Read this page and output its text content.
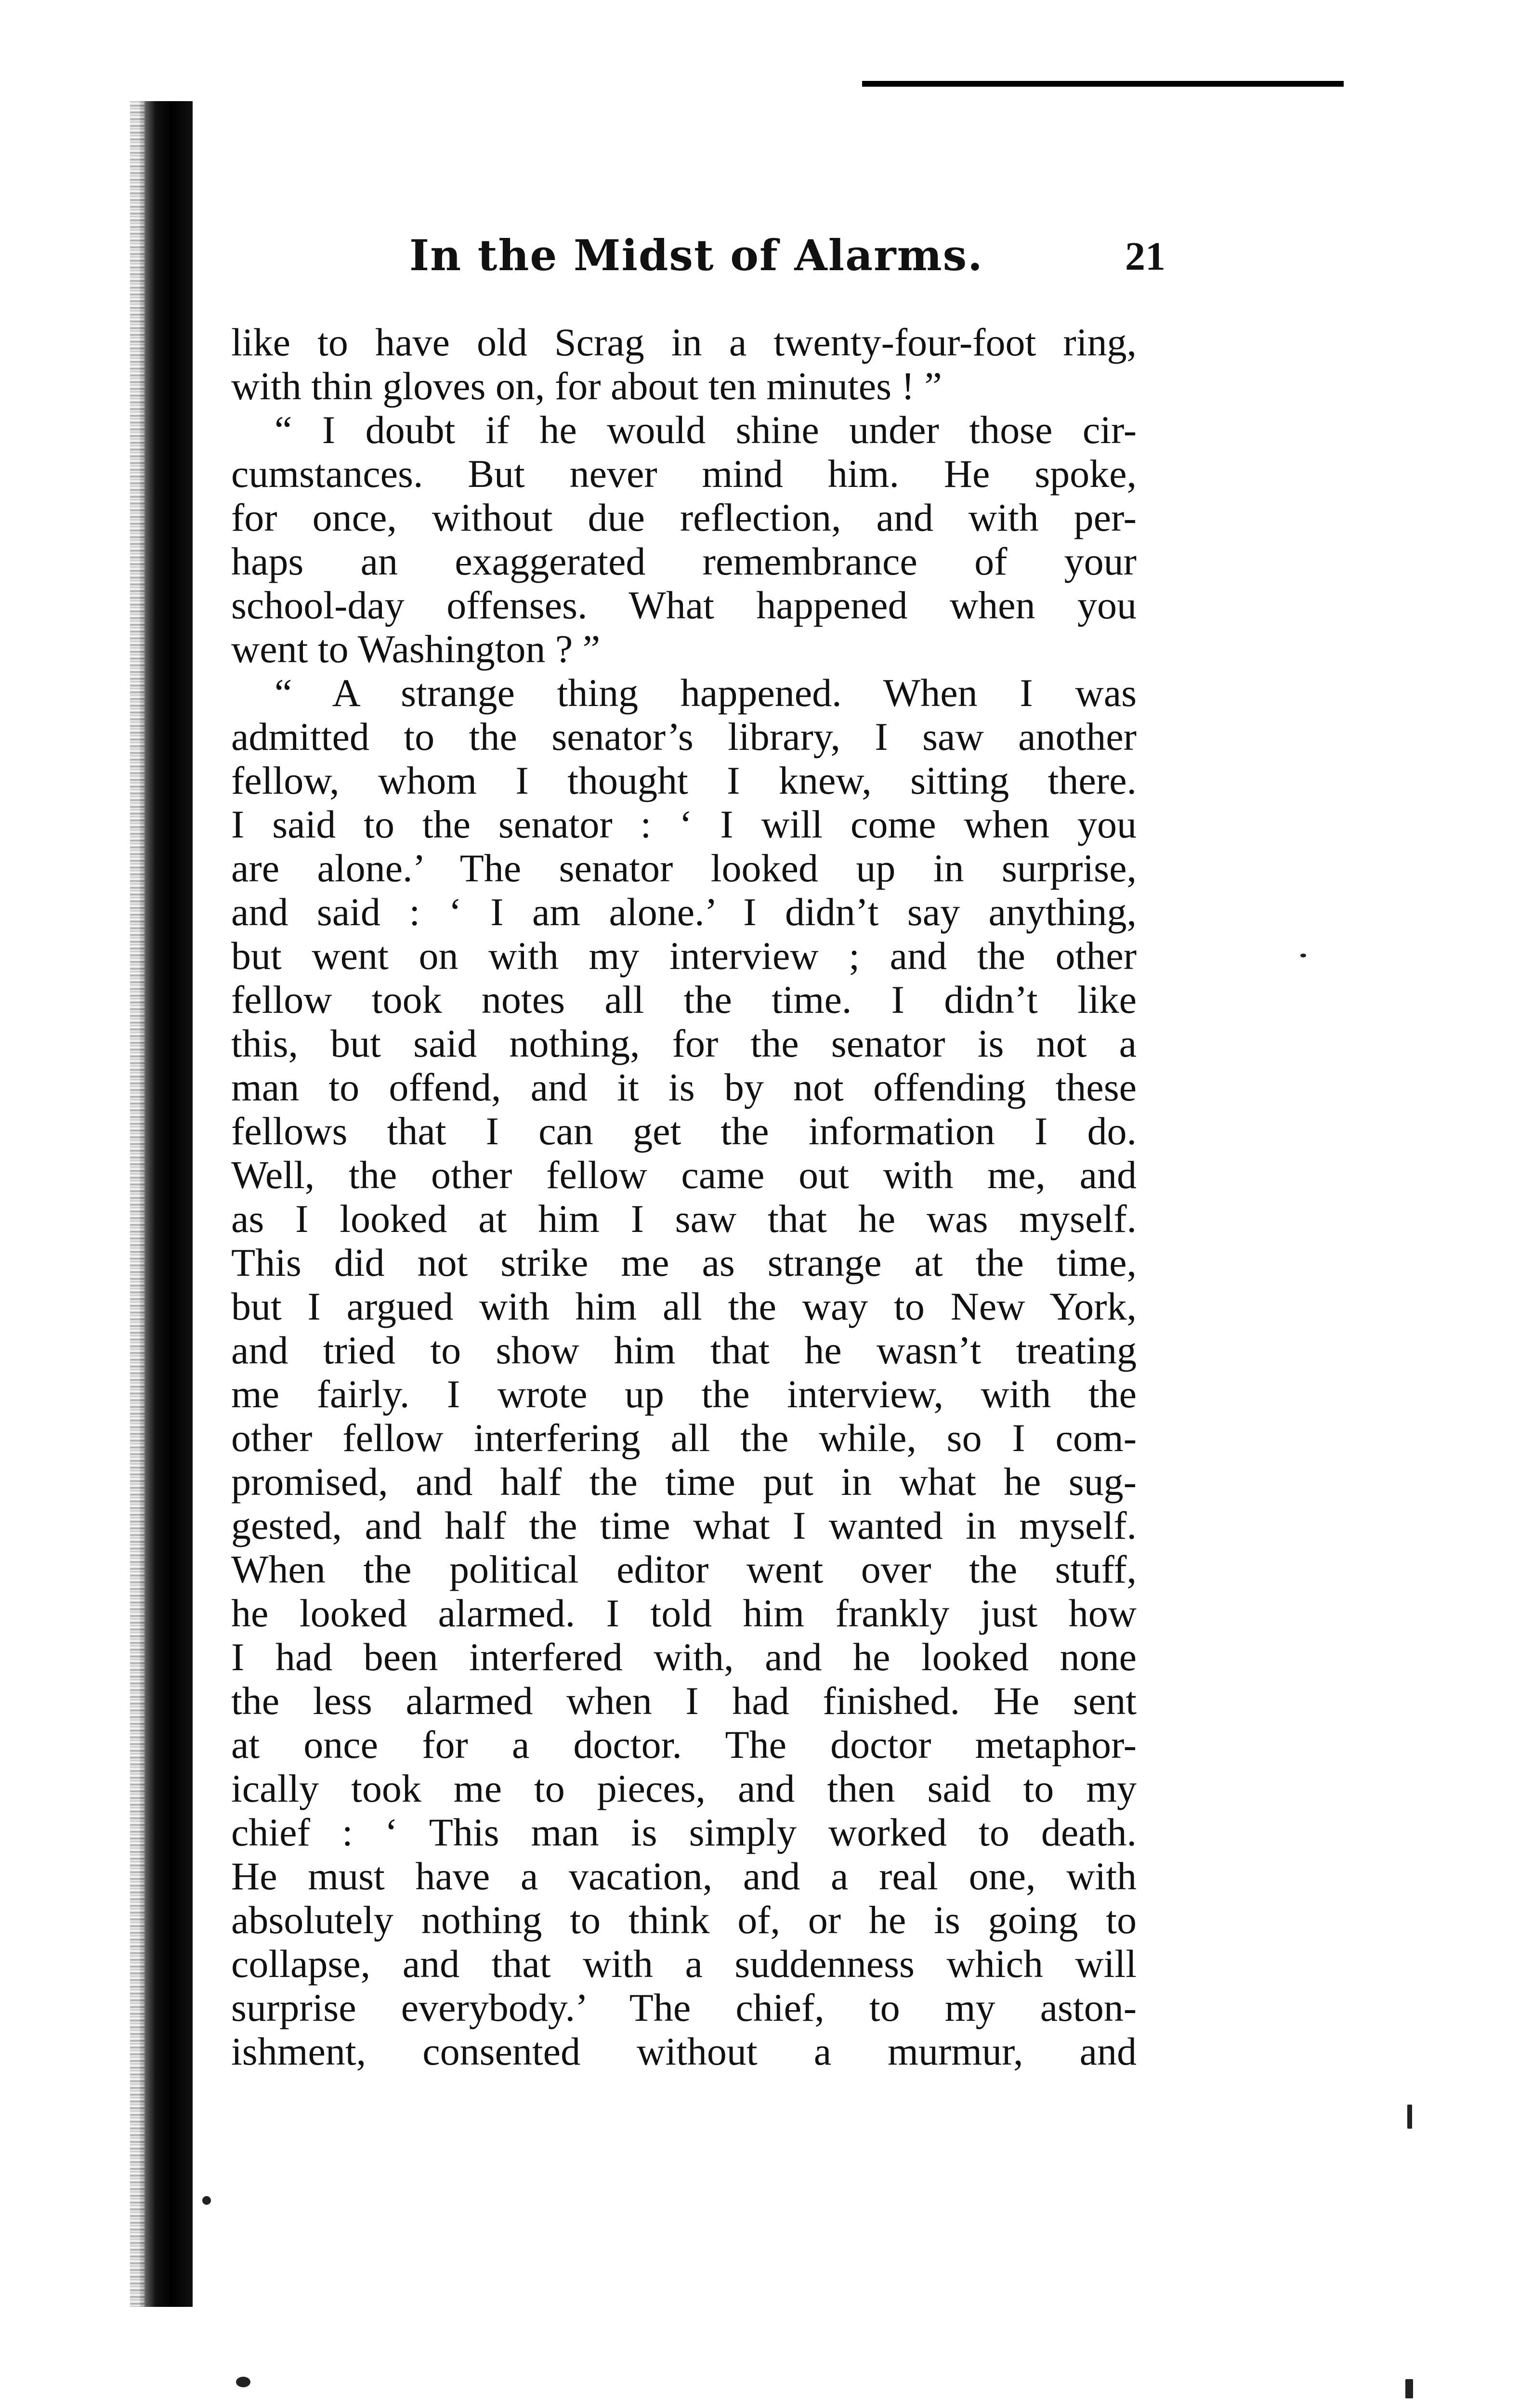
In the Midst of Alarms.	21
like to have old Scrag in a twenty-four-foot ring,
with thin gloves on, for about ten minutes ! ”
“ I doubt if he would shine under those cir-
cumstances. But never mind him. He spoke,
for once, without due reflection, and with per-
haps an exaggerated remembrance of your
school-day offenses. What happened when you
went to Washington ? ”
“ A strange thing happened. When I was
admitted to the senator’s library, I saw another
fellow, whom I thought I knew, sitting there.
I said to the senator : ‘ I will come when you
are alone.’ The senator looked up in surprise,
and said : ‘ I am alone.’ I didn’t say anything,
but went on with my interview ; and the other
fellow took notes all the time. I didn’t like
this, but said nothing, for the senator is not a
man to offend, and it is by not offending these
fellows that I can get the information I do.
Well, the other fellow came out with me, and
as I looked at him I saw that he was myself.
This did not strike me as strange at the time,
but I argued with him all the way to New York,
and tried to show him that he wasn’t treating
me fairly. I wrote up the interview, with the
other fellow interfering all the while, so I com-
promised, and half the time put in what he sug-
gested, and half the time what I wanted in myself.
When the political editor went over the stuff,
he looked alarmed. I told him frankly just how
I had been interfered with, and he looked none
the less alarmed when I had finished. He sent
at once for a doctor. The doctor metaphor-
ically took me to pieces, and then said to my
chief : ‘ This man is simply worked to death.
He must have a vacation, and a real one, with
absolutely nothing to think of, or he is going to
collapse, and that with a suddenness which will
surprise everybody.’ The chief, to my aston-
ishment, consented without a murmur, and
